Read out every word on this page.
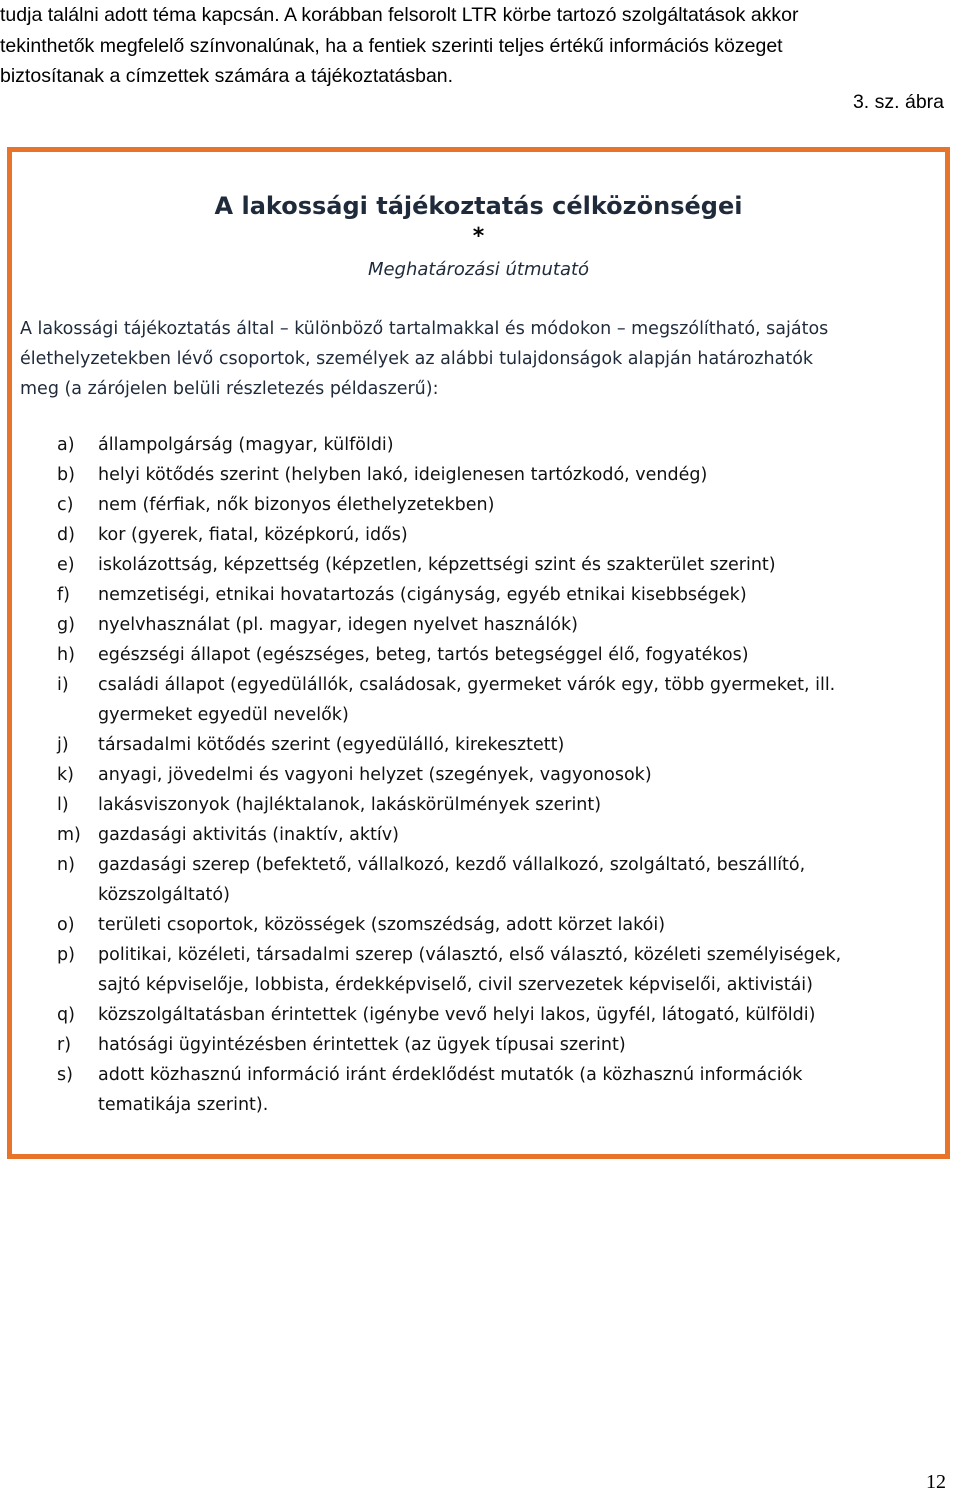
tudja találni adott téma kapcsán. A korábban felsorolt LTR körbe tartozó szolgáltatások akkor

tekinthetők megfelelő színvonalúnak, ha a fentiek szerinti teljes értékű információs közeget

biztosítanak a címzettek számára a tájékoztatásban.

3. sz. ábra
A lakossági tájékoztatás célközönségei
*
Meghatározási útmutató

A lakossági tájékoztatás által – különböző tartalmakkal és módokon – megszólítható, sajátos

élethelyzetekben lévő csoportok, személyek az alábbi tulajdonságok alapján határozhatók

meg (a zárójelen belüli részletezés példaszerű):

a) állampolgárság (magyar, külföldi)
b) helyi kötődés szerint (helyben lakó, ideiglenesen tartózkodó, vendég)
c) nem (férfiak, nők bizonyos élethelyzetekben)
d) kor (gyerek, fiatal, középkorú, idős)
e) iskolázottság, képzettség (képzetlen, képzettségi szint és szakterület szerint)
f) nemzetiségi, etnikai hovatartozás (cigányság, egyéb etnikai kisebbségek)
g) nyelvhasználat (pl. magyar, idegen nyelvet használók)
h) egészségi állapot (egészséges, beteg, tartós betegséggel élő, fogyatékos)
i) családi állapot (egyedülállók, családosak, gyermeket várók egy, több gyermeket, ill.
gyermeket egyedül nevelők)
j) társadalmi kötődés szerint (egyedülálló, kirekesztett)
k) anyagi, jövedelmi és vagyoni helyzet (szegények, vagyonosok)
l) lakásviszonyok (hajléktalanok, lakáskörülmények szerint)
m) gazdasági aktivitás (inaktív, aktív)
n) gazdasági szerep (befektető, vállalkozó, kezdő vállalkozó, szolgáltató, beszállító,
közszolgáltató)
o) területi csoportok, közösségek (szomszédság, adott körzet lakói)
p) politikai, közéleti, társadalmi szerep (választó, első választó, közéleti személyiségek,
sajtó képviselője, lobbista, érdekképviselő, civil szervezetek képviselői, aktivistái)
q) közszolgáltatásban érintettek (igénybe vevő helyi lakos, ügyfél, látogató, külföldi)
r) hatósági ügyintézésben érintettek (az ügyek típusai szerint)
s) adott közhasznú információ iránt érdeklődést mutatók (a közhasznú információk
tematikája szerint).
12
